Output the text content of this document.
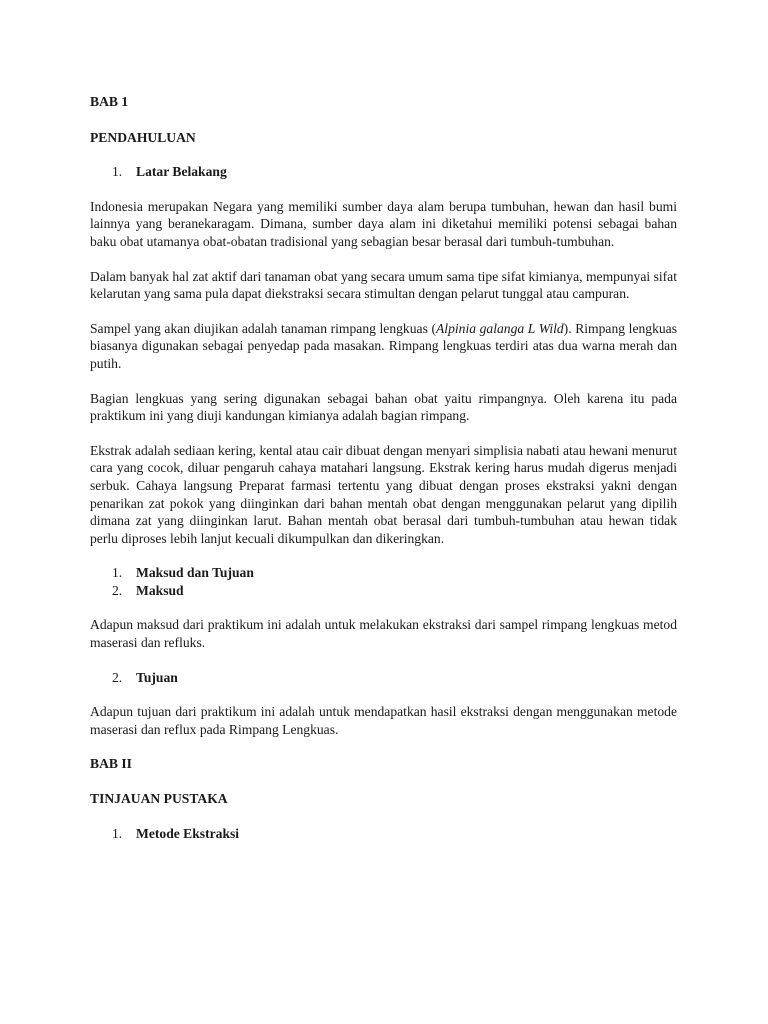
BAB 1

PENDAHULUAN

1. Latar Belakang

Indonesia merupakan Negara yang memiliki sumber daya alam berupa tumbuhan, hewan dan hasil bumi lainnya yang beranekaragam. Dimana, sumber daya alam ini diketahui memiliki potensi sebagai bahan baku obat utamanya obat-obatan tradisional yang sebagian besar berasal dari tumbuh-tumbuhan.

Dalam banyak hal zat aktif dari tanaman obat yang secara umum sama tipe sifat kimianya, mempunyai sifat kelarutan yang sama pula dapat diekstraksi secara stimultan dengan pelarut tunggal atau campuran.

Sampel yang akan diujikan adalah tanaman rimpang lengkuas (Alpinia galanga L Wild). Rimpang lengkuas biasanya digunakan sebagai penyedap pada masakan. Rimpang lengkuas terdiri atas dua warna merah dan putih.

Bagian lengkuas yang sering digunakan sebagai bahan obat yaitu rimpangnya. Oleh karena itu pada praktikum ini yang diuji kandungan kimianya adalah bagian rimpang.

Ekstrak adalah sediaan kering, kental atau cair dibuat dengan menyari simplisia nabati atau hewani menurut cara yang cocok, diluar pengaruh cahaya matahari langsung. Ekstrak kering harus mudah digerus menjadi serbuk. Cahaya langsung Preparat farmasi tertentu yang dibuat dengan proses ekstraksi yakni dengan penarikan zat pokok yang diinginkan dari bahan mentah obat dengan menggunakan pelarut yang dipilih dimana zat yang diinginkan larut. Bahan mentah obat berasal dari tumbuh-tumbuhan atau hewan tidak perlu diproses lebih lanjut kecuali dikumpulkan dan dikeringkan.

1. Maksud dan Tujuan

2. Maksud

Adapun maksud dari praktikum ini adalah untuk melakukan ekstraksi dari sampel rimpang lengkuas metod maserasi dan refluks.

2. Tujuan

Adapun tujuan dari praktikum ini adalah untuk mendapatkan hasil ekstraksi dengan menggunakan metode maserasi dan reflux pada Rimpang Lengkuas.

BAB II

TINJAUAN PUSTAKA

1. Metode Ekstraksi
